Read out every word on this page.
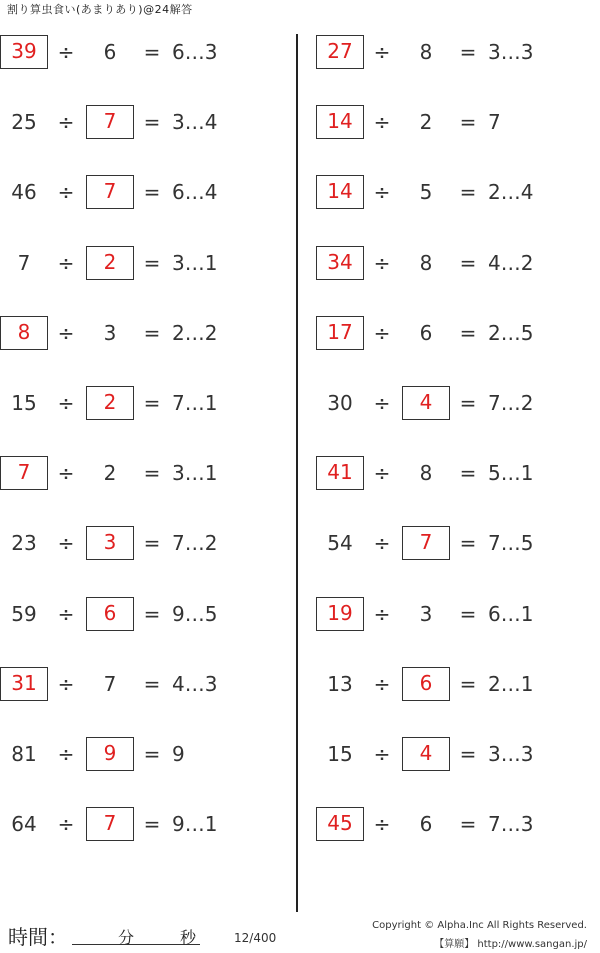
割り算虫食い(あまりあり)@24解答
39	÷	6	= 6…3
25	÷	7	= 3…4
46	÷	7	= 6…4
7	÷	2	= 3…1
8	÷	3	= 2…2
15	÷	2	= 7…1
7	÷	2	= 3…1
23	÷	3	= 7…2
59	÷	6	= 9…5
31	÷	7	= 4…3
81	÷	9	= 9
64	÷	7	= 9…1
27	÷	8	= 3…3
14	÷	2	= 7
14	÷	5	= 2…4
34	÷	8	= 4…2
17	÷	6	= 2…5
30	÷	4	= 7…2
41	÷	8	= 5…1
54	÷	7	= 7…5
19	÷	3	= 6…1
13	÷	6	= 2…1
15	÷	4	= 3…3
45	÷	6	= 7…3
時間：	分	秒	12/400
Copyright © Alpha.Inc All Rights Reserved.
【算願】 http://www.sangan.jp/
